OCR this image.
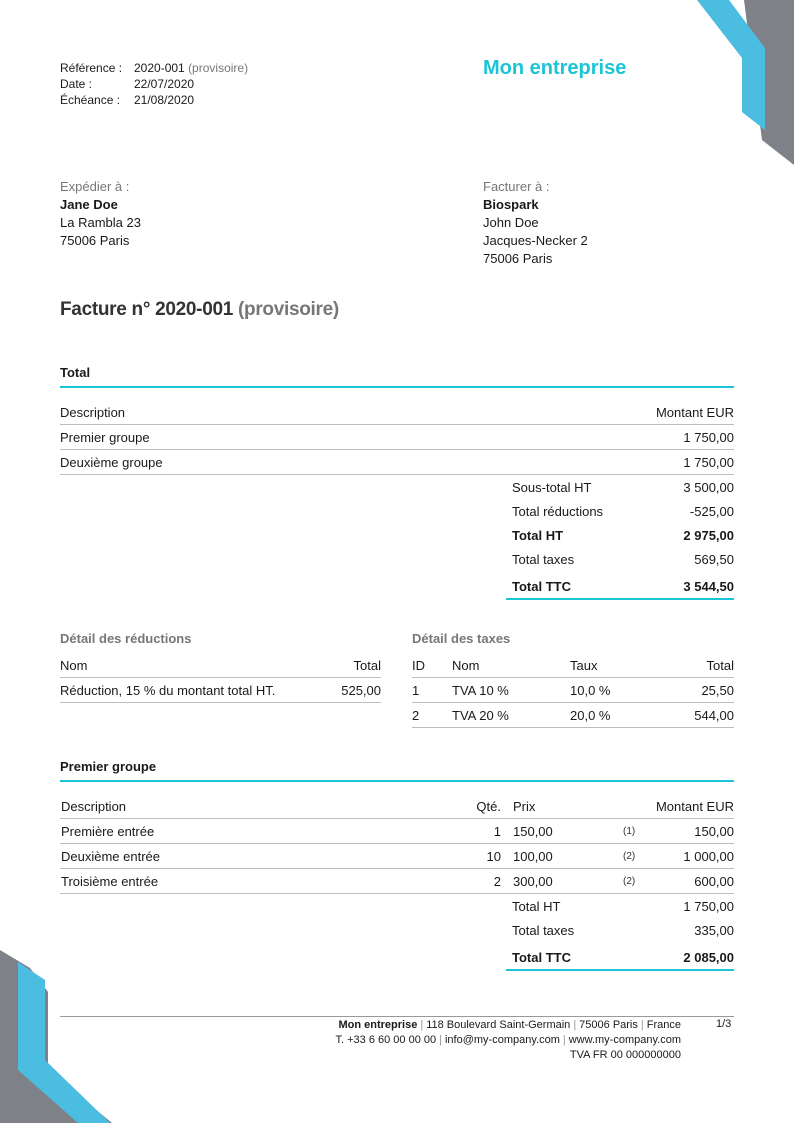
Référence : 2020-001
(provisoire)
Date :	22/07/2020
Échéance :	21/08/2020
Mon entreprise
Expédier à :
Jane Doe
La Rambla 23
75006 Paris
Facturer à :
Biospark
John Doe
Jacques-Necker 2
75006 Paris
Facture n° 2020-001 (provisoire)
Total
Description	Montant EUR
Premier groupe	1 750,00
Deuxième groupe	1 750,00
Sous-total HT	3 500,00
Total réductions	-525,00
Total HT	2 975,00
Total taxes	569,50
Total TTC	3 544,50
Détail des réductions
Nom	Total
Réduction, 15 % du montant total HT.	525,00
Détail des taxes
ID	Nom	Taux	Total
1	TVA 10 %	10,0 %	25,50
2	TVA 20 %	20,0 %	544,00
Premier groupe
Description	Qté.		Prix		Montant EUR
Première entrée	1		150,00	(1)	150,00
Deuxième entrée	10		100,00	(2)	1 000,00
Troisième entrée	2		300,00	(2)	600,00
Total HT	1 750,00
Total taxes	335,00
Total TTC	2 085,00
Mon entreprise | 118 Boulevard Saint-Germain | 75006 Paris | France
T. +33 6 60 00 00 00 | info@my-company.com | www.my-company.com
TVA FR 00 000000000
1/3
